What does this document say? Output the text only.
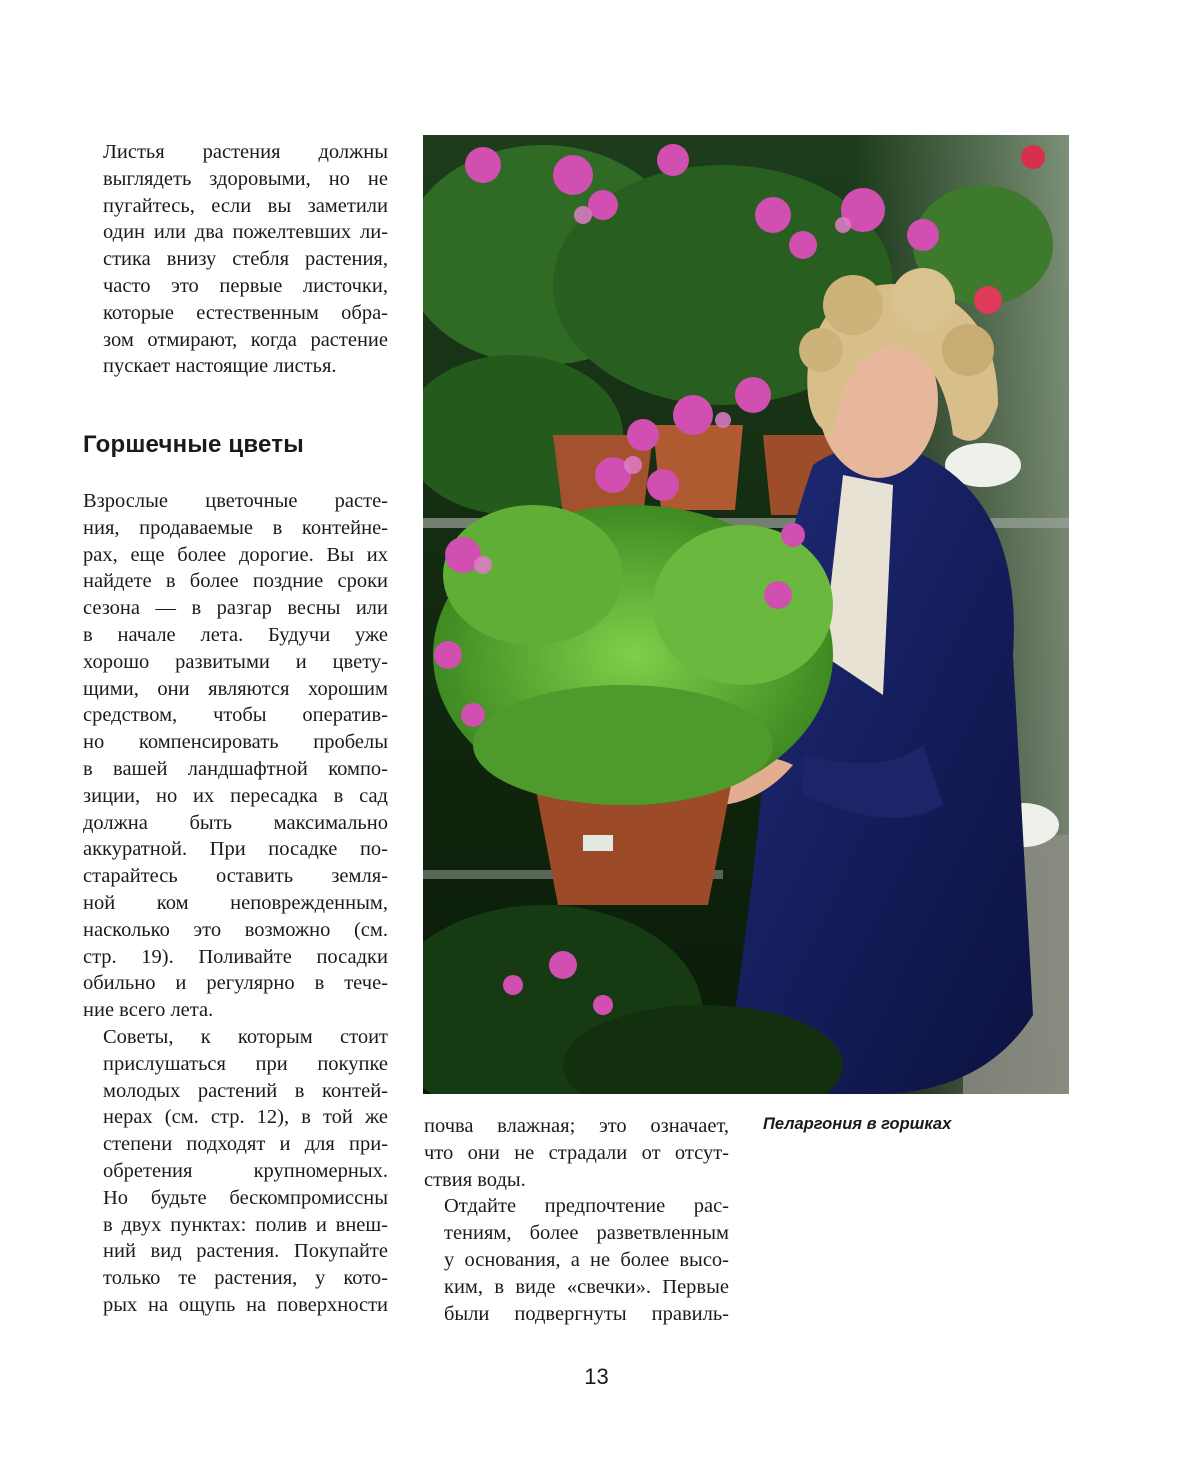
Листья растения должны
выглядеть здоровыми, но не
пугайтесь, если вы заметили
один или два пожелтевших ли-
стика внизу стебля растения,
часто это первые листочки,
которые естественным обра-
зом отмирают, когда растение
пускает настоящие листья.

Горшечные цветы

Взрослые цветочные расте-
ния, продаваемые в контейне-
рах, еще более дорогие. Вы их
найдете в более поздние сроки
сезона — в разгар весны или
в начале лета. Будучи уже
хорошо развитыми и цвету-
щими, они являются хорошим
средством, чтобы оператив-
но компенсировать пробелы
в вашей ландшафтной компо-
зиции, но их пересадка в сад
должна быть максимально
аккуратной. При посадке по-
старайтесь оставить земля-
ной ком неповрежденным,
насколько это возможно (см.
стр. 19). Поливайте посадки
обильно и регулярно в тече-
ние всего лета.

Советы, к которым стоит
прислушаться при покупке
молодых растений в контей-
нерах (см. стр. 12), в той же
степени подходят и для при-
обретения крупномерных.
Но будьте бескомпромиссны
в двух пунктах: полив и внеш-
ний вид растения. Покупайте
только те растения, у кото-
рых на ощупь на поверхности

почва влажная; это означает,
что они не страдали от отсут-
ствия воды.

Отдайте предпочтение рас-
тениям, более разветвленным
у основания, а не более высо-
ким, в виде «свечки». Первые
были подвергнуты правиль-

Пеларгония в горшках
13
